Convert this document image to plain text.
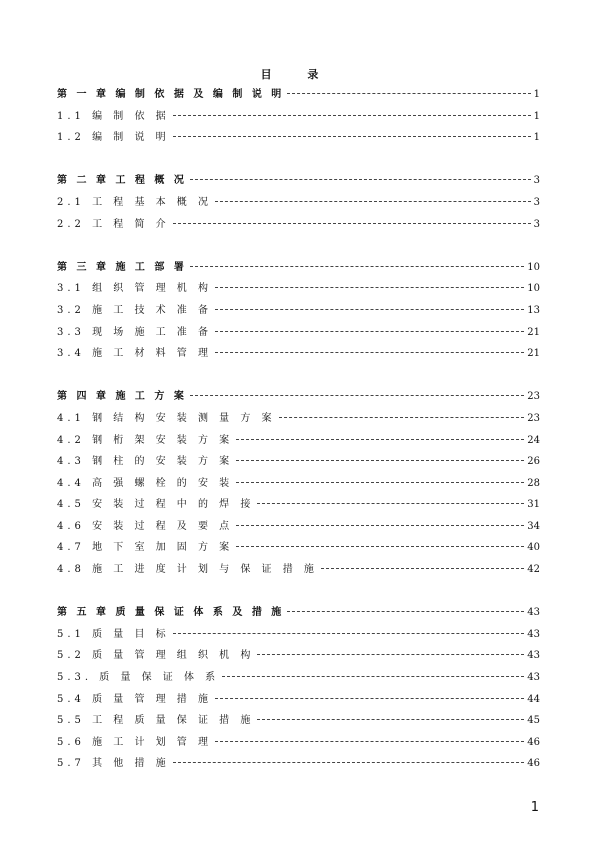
目 录
第 一 章 编 制 依 据 及 编 制 说 明	1
1.1 编 制 依 据	1
1.2 编 制 说 明	1
第 二 章 工 程 概 况	3
2.1 工 程 基 本 概 况	3
2.2 工 程 简 介	3
第 三 章 施 工 部 署	10
3.1 组 织 管 理 机 构	10
3.2 施 工 技 术 准 备	13
3.3 现 场 施 工 准 备	21
3.4 施 工 材 料 管 理	21
第 四 章 施 工 方 案	23
4.1 钢 结 构 安 装 测 量 方 案	23
4.2 钢 桁 架 安 装 方 案	24
4.3 钢 柱 的 安 装 方 案	26
4.4 高 强 螺 栓 的 安 装	28
4.5 安 装 过 程 中 的 焊 接	31
4.6 安 装 过 程 及 要 点	34
4.7 地 下 室 加 固 方 案	40
4.8 施 工 进 度 计 划 与 保 证 措 施	42
第 五 章 质 量 保 证 体 系 及 措 施	43
5.1 质 量 目 标	43
5.2 质 量 管 理 组 织 机 构	43
5.3. 质 量 保 证 体 系	43
5.4 质 量 管 理 措 施	44
5.5 工 程 质 量 保 证 措 施	45
5.6 施 工 计 划 管 理	46
5.7 其 他 措 施	46
1
